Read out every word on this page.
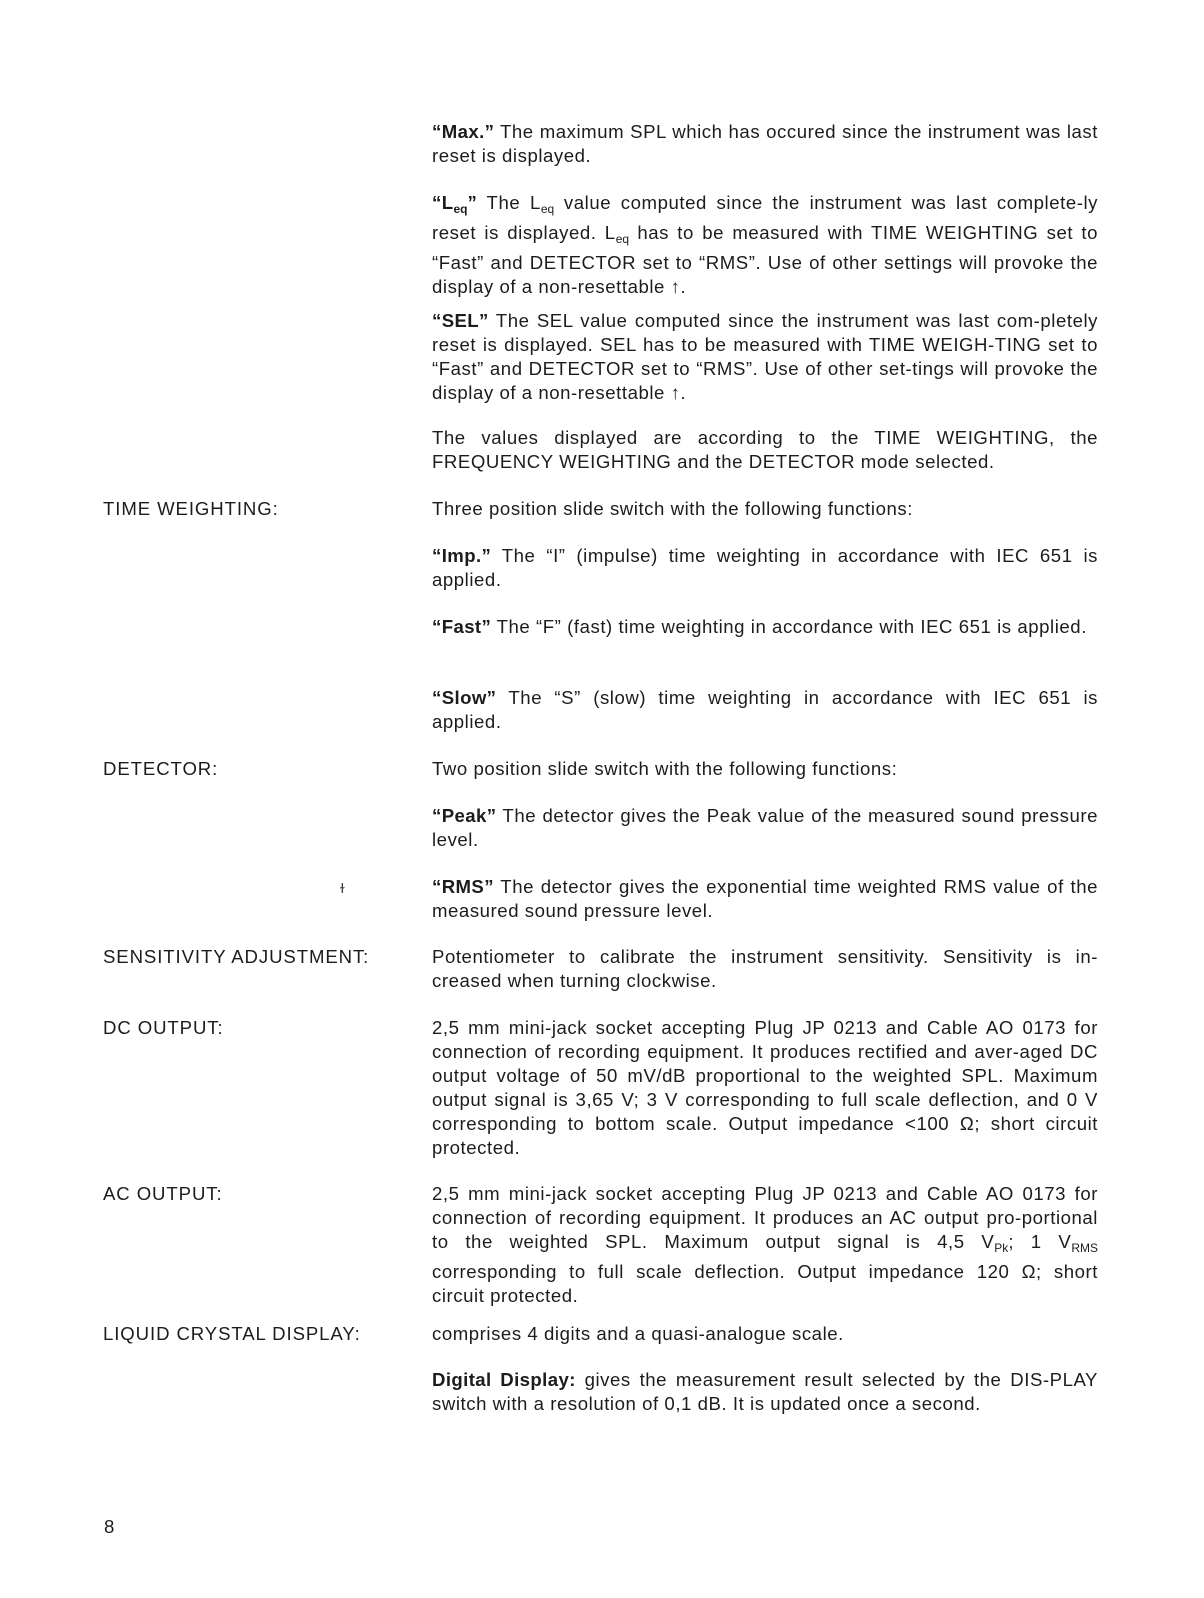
“Max.” The maximum SPL which has occured since the instrument was last reset is displayed.

“$L_{eq}$” The $L_{eq}$ value computed since the instrument was last complete-ly reset is displayed. $L_{eq}$ has to be measured with TIME WEIGHTING set to “Fast” and DETECTOR set to “RMS”. Use of other settings will provoke the display of a non-resettable ↑.

“SEL” The SEL value computed since the instrument was last com-pletely reset is displayed. SEL has to be measured with TIME WEIGH-TING set to “Fast” and DETECTOR set to “RMS”. Use of other set-tings will provoke the display of a non-resettable ↑.

The values displayed are according to the TIME WEIGHTING, the FREQUENCY WEIGHTING and the DETECTOR mode selected.

TIME WEIGHTING:	Three position slide switch with the following functions:

“Imp.” The “I” (impulse) time weighting in accordance with IEC 651 is applied.

“Fast” The “F” (fast) time weighting in accordance with IEC 651 is applied.

“Slow” The “S” (slow) time weighting in accordance with IEC 651 is applied.

DETECTOR:	Two position slide switch with the following functions:

“Peak” The detector gives the Peak value of the measured sound pressure level.

ɫ	“RMS” The detector gives the exponential time weighted RMS value of the measured sound pressure level.

SENSITIVITY ADJUSTMENT:	Potentiometer to calibrate the instrument sensitivity. Sensitivity is in-creased when turning clockwise.

DC OUTPUT:	2,5 mm mini-jack socket accepting Plug JP 0213 and Cable AO 0173 for connection of recording equipment. It produces rectified and aver-aged DC output voltage of 50 mV/dB proportional to the weighted SPL. Maximum output signal is 3,65 V; 3 V corresponding to full scale deflection, and 0 V corresponding to bottom scale. Output impedance <100 Ω; short circuit protected.

AC OUTPUT:	2,5 mm mini-jack socket accepting Plug JP 0213 and Cable AO 0173 for connection of recording equipment. It produces an AC output pro-portional to the weighted SPL. Maximum output signal is 4,5 $V_{Pk}$; 1 $V_{RMS}$ corresponding to full scale deflection. Output impedance 120 Ω; short circuit protected.

LIQUID CRYSTAL DISPLAY:	comprises 4 digits and a quasi-analogue scale.

Digital Display: gives the measurement result selected by the DIS-PLAY switch with a resolution of 0,1 dB. It is updated once a second.

8
